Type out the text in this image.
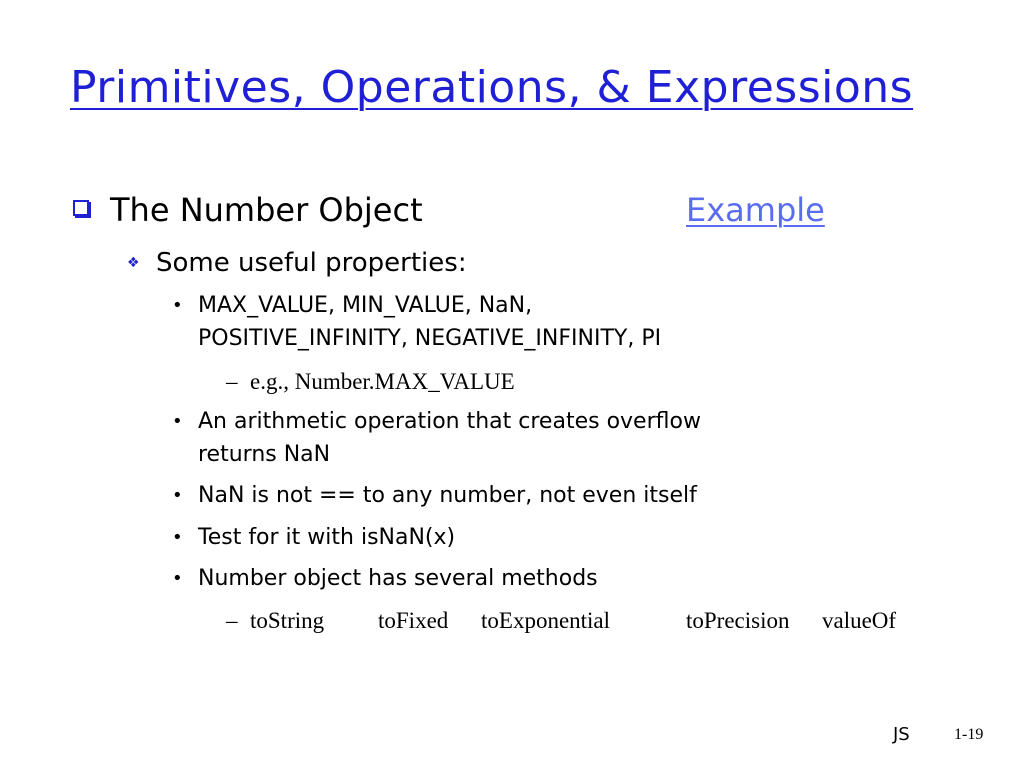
Primitives, Operations, & Expressions
The Number Object	Example
❖ Some useful properties:
• MAX_VALUE, MIN_VALUE, NaN,
POSITIVE_INFINITY, NEGATIVE_INFINITY, PI
– e.g., Number.MAX_VALUE
• An arithmetic operation that creates overflow
returns NaN
• NaN is not == to any number, not even itself
• Test for it with isNaN(x)
• Number object has several methods
– toString toFixed toExponential	toPrecision valueOf
JS	1-19
